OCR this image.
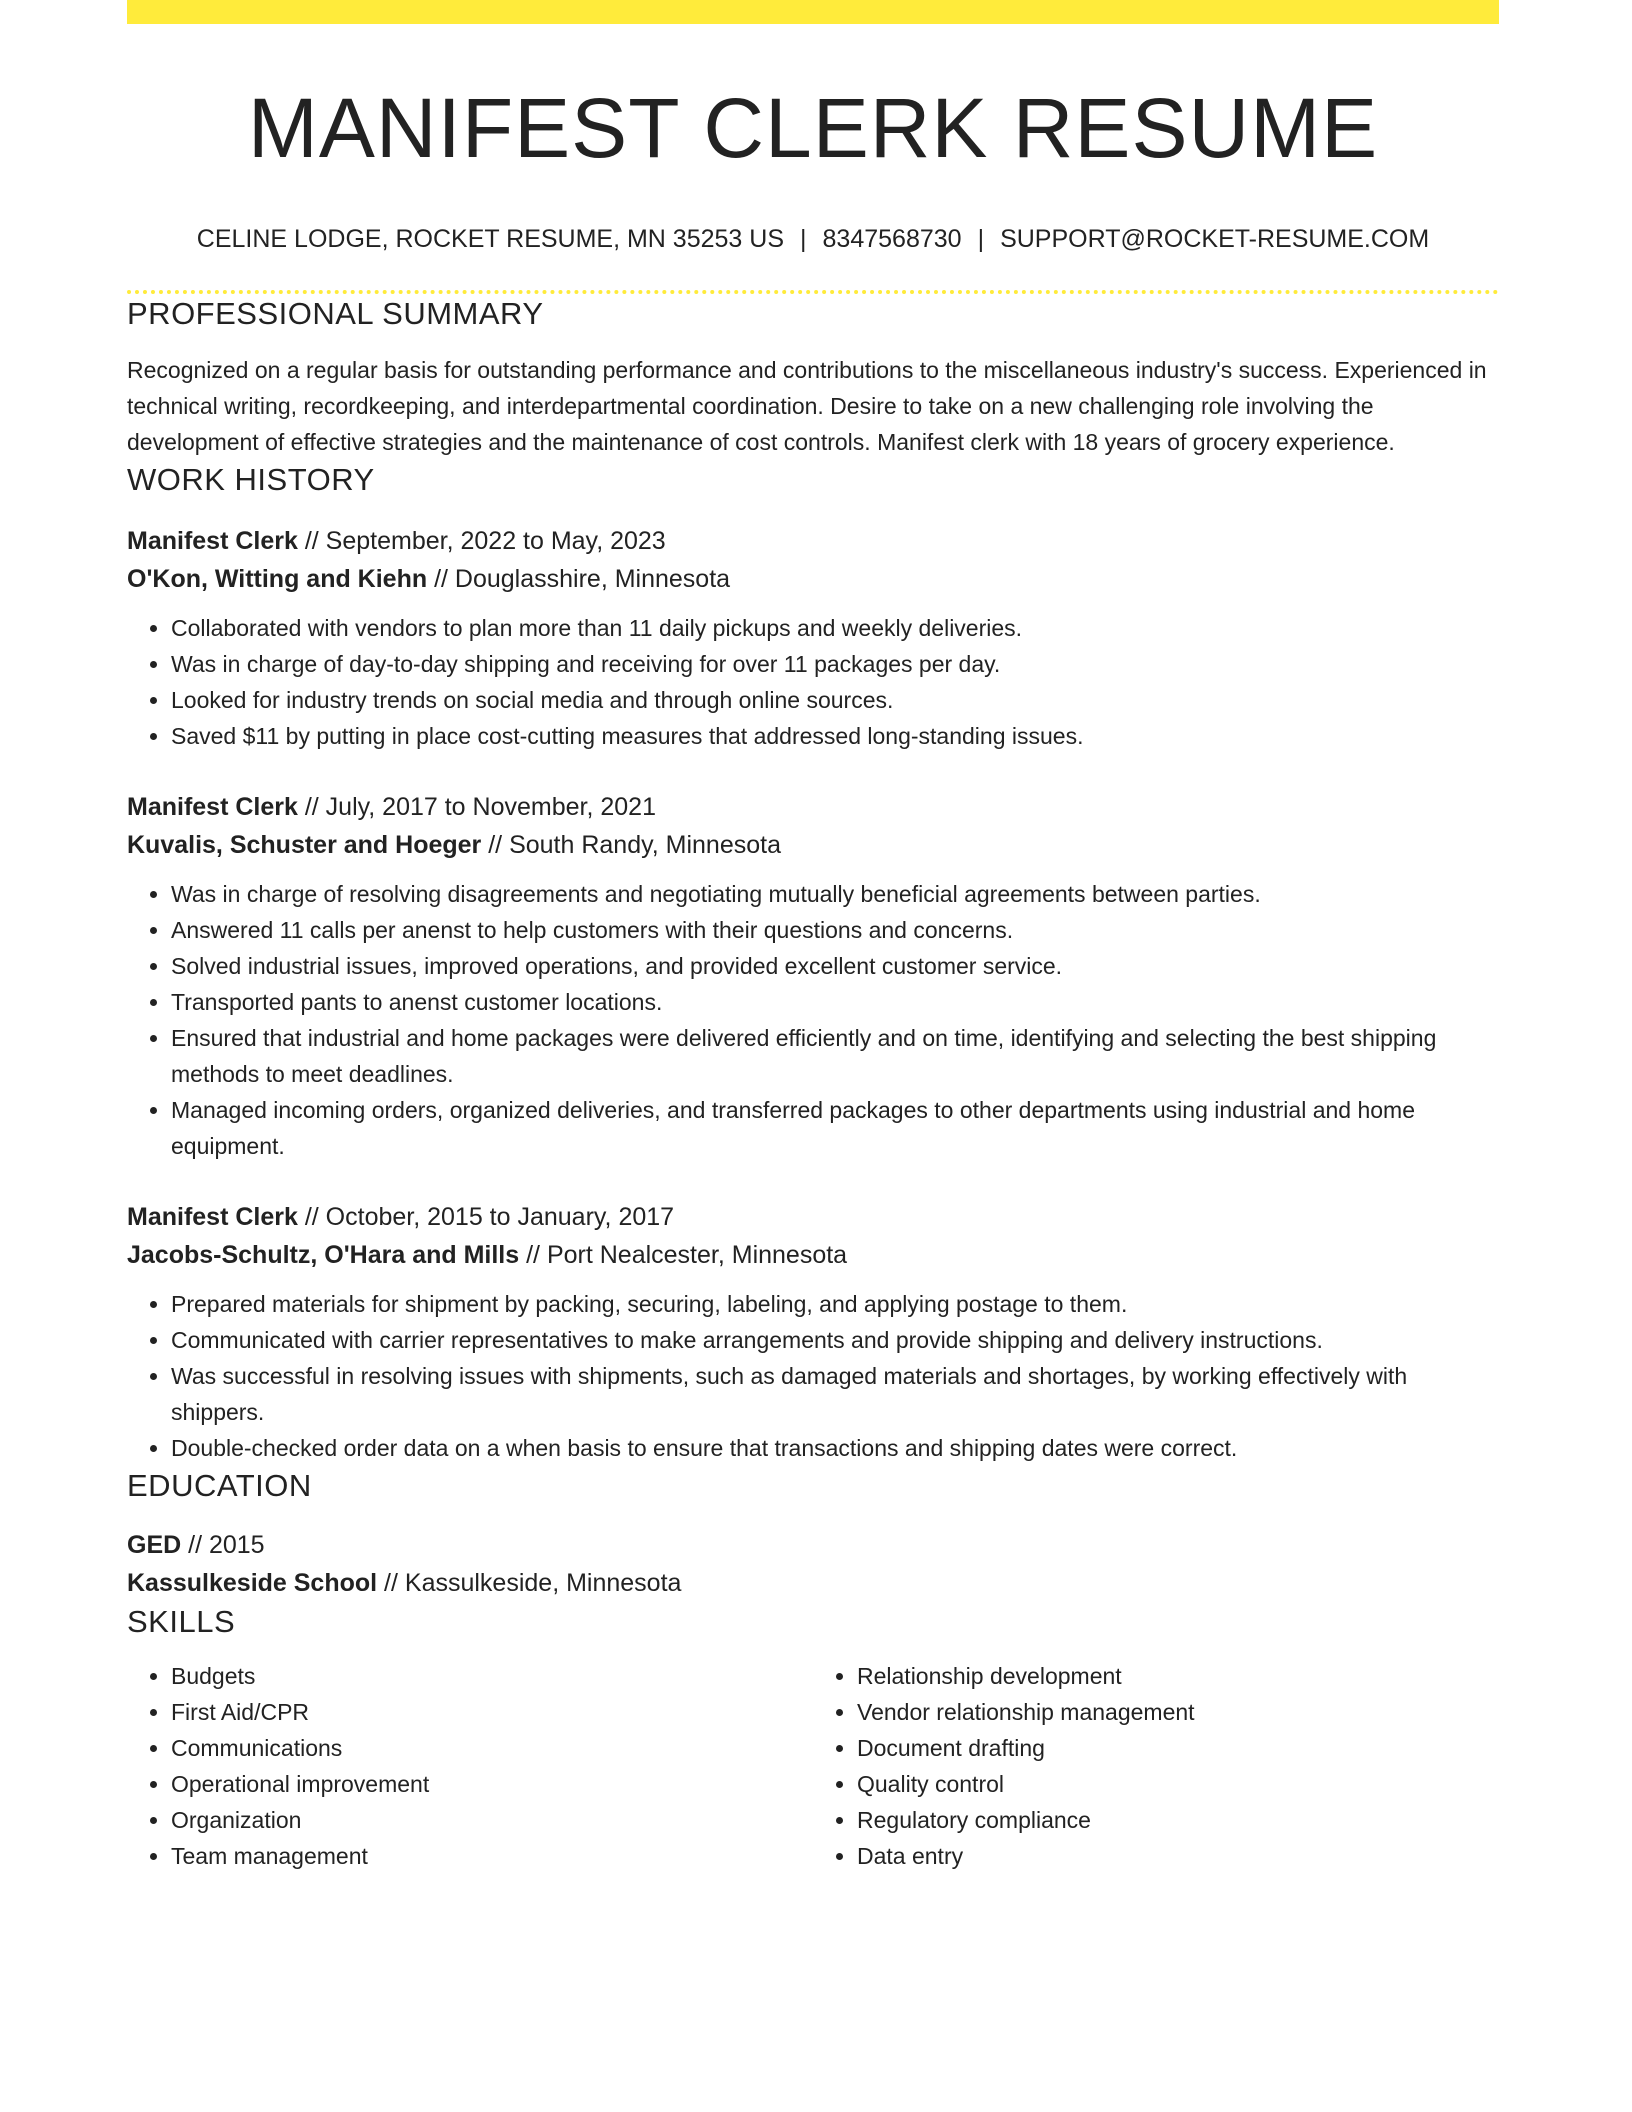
MANIFEST CLERK RESUME
CELINE LODGE, ROCKET RESUME, MN 35253 US | 8347568730 | SUPPORT@ROCKET-RESUME.COM
PROFESSIONAL SUMMARY
Recognized on a regular basis for outstanding performance and contributions to the miscellaneous industry's success. Experienced in technical writing, recordkeeping, and interdepartmental coordination. Desire to take on a new challenging role involving the development of effective strategies and the maintenance of cost controls. Manifest clerk with 18 years of grocery experience.
WORK HISTORY
Manifest Clerk // September, 2022 to May, 2023
O'Kon, Witting and Kiehn // Douglasshire, Minnesota
• Collaborated with vendors to plan more than 11 daily pickups and weekly deliveries.
• Was in charge of day-to-day shipping and receiving for over 11 packages per day.
• Looked for industry trends on social media and through online sources.
• Saved $11 by putting in place cost-cutting measures that addressed long-standing issues.
Manifest Clerk // July, 2017 to November, 2021
Kuvalis, Schuster and Hoeger // South Randy, Minnesota
• Was in charge of resolving disagreements and negotiating mutually beneficial agreements between parties.
• Answered 11 calls per anenst to help customers with their questions and concerns.
• Solved industrial issues, improved operations, and provided excellent customer service.
• Transported pants to anenst customer locations.
• Ensured that industrial and home packages were delivered efficiently and on time, identifying and selecting the best shipping methods to meet deadlines.
• Managed incoming orders, organized deliveries, and transferred packages to other departments using industrial and home equipment.
Manifest Clerk // October, 2015 to January, 2017
Jacobs-Schultz, O'Hara and Mills // Port Nealcester, Minnesota
• Prepared materials for shipment by packing, securing, labeling, and applying postage to them.
• Communicated with carrier representatives to make arrangements and provide shipping and delivery instructions.
• Was successful in resolving issues with shipments, such as damaged materials and shortages, by working effectively with shippers.
• Double-checked order data on a when basis to ensure that transactions and shipping dates were correct.
EDUCATION
GED // 2015
Kassulkeside School // Kassulkeside, Minnesota
SKILLS
• Budgets
• First Aid/CPR
• Communications
• Operational improvement
• Organization
• Team management
• Relationship development
• Vendor relationship management
• Document drafting
• Quality control
• Regulatory compliance
• Data entry
